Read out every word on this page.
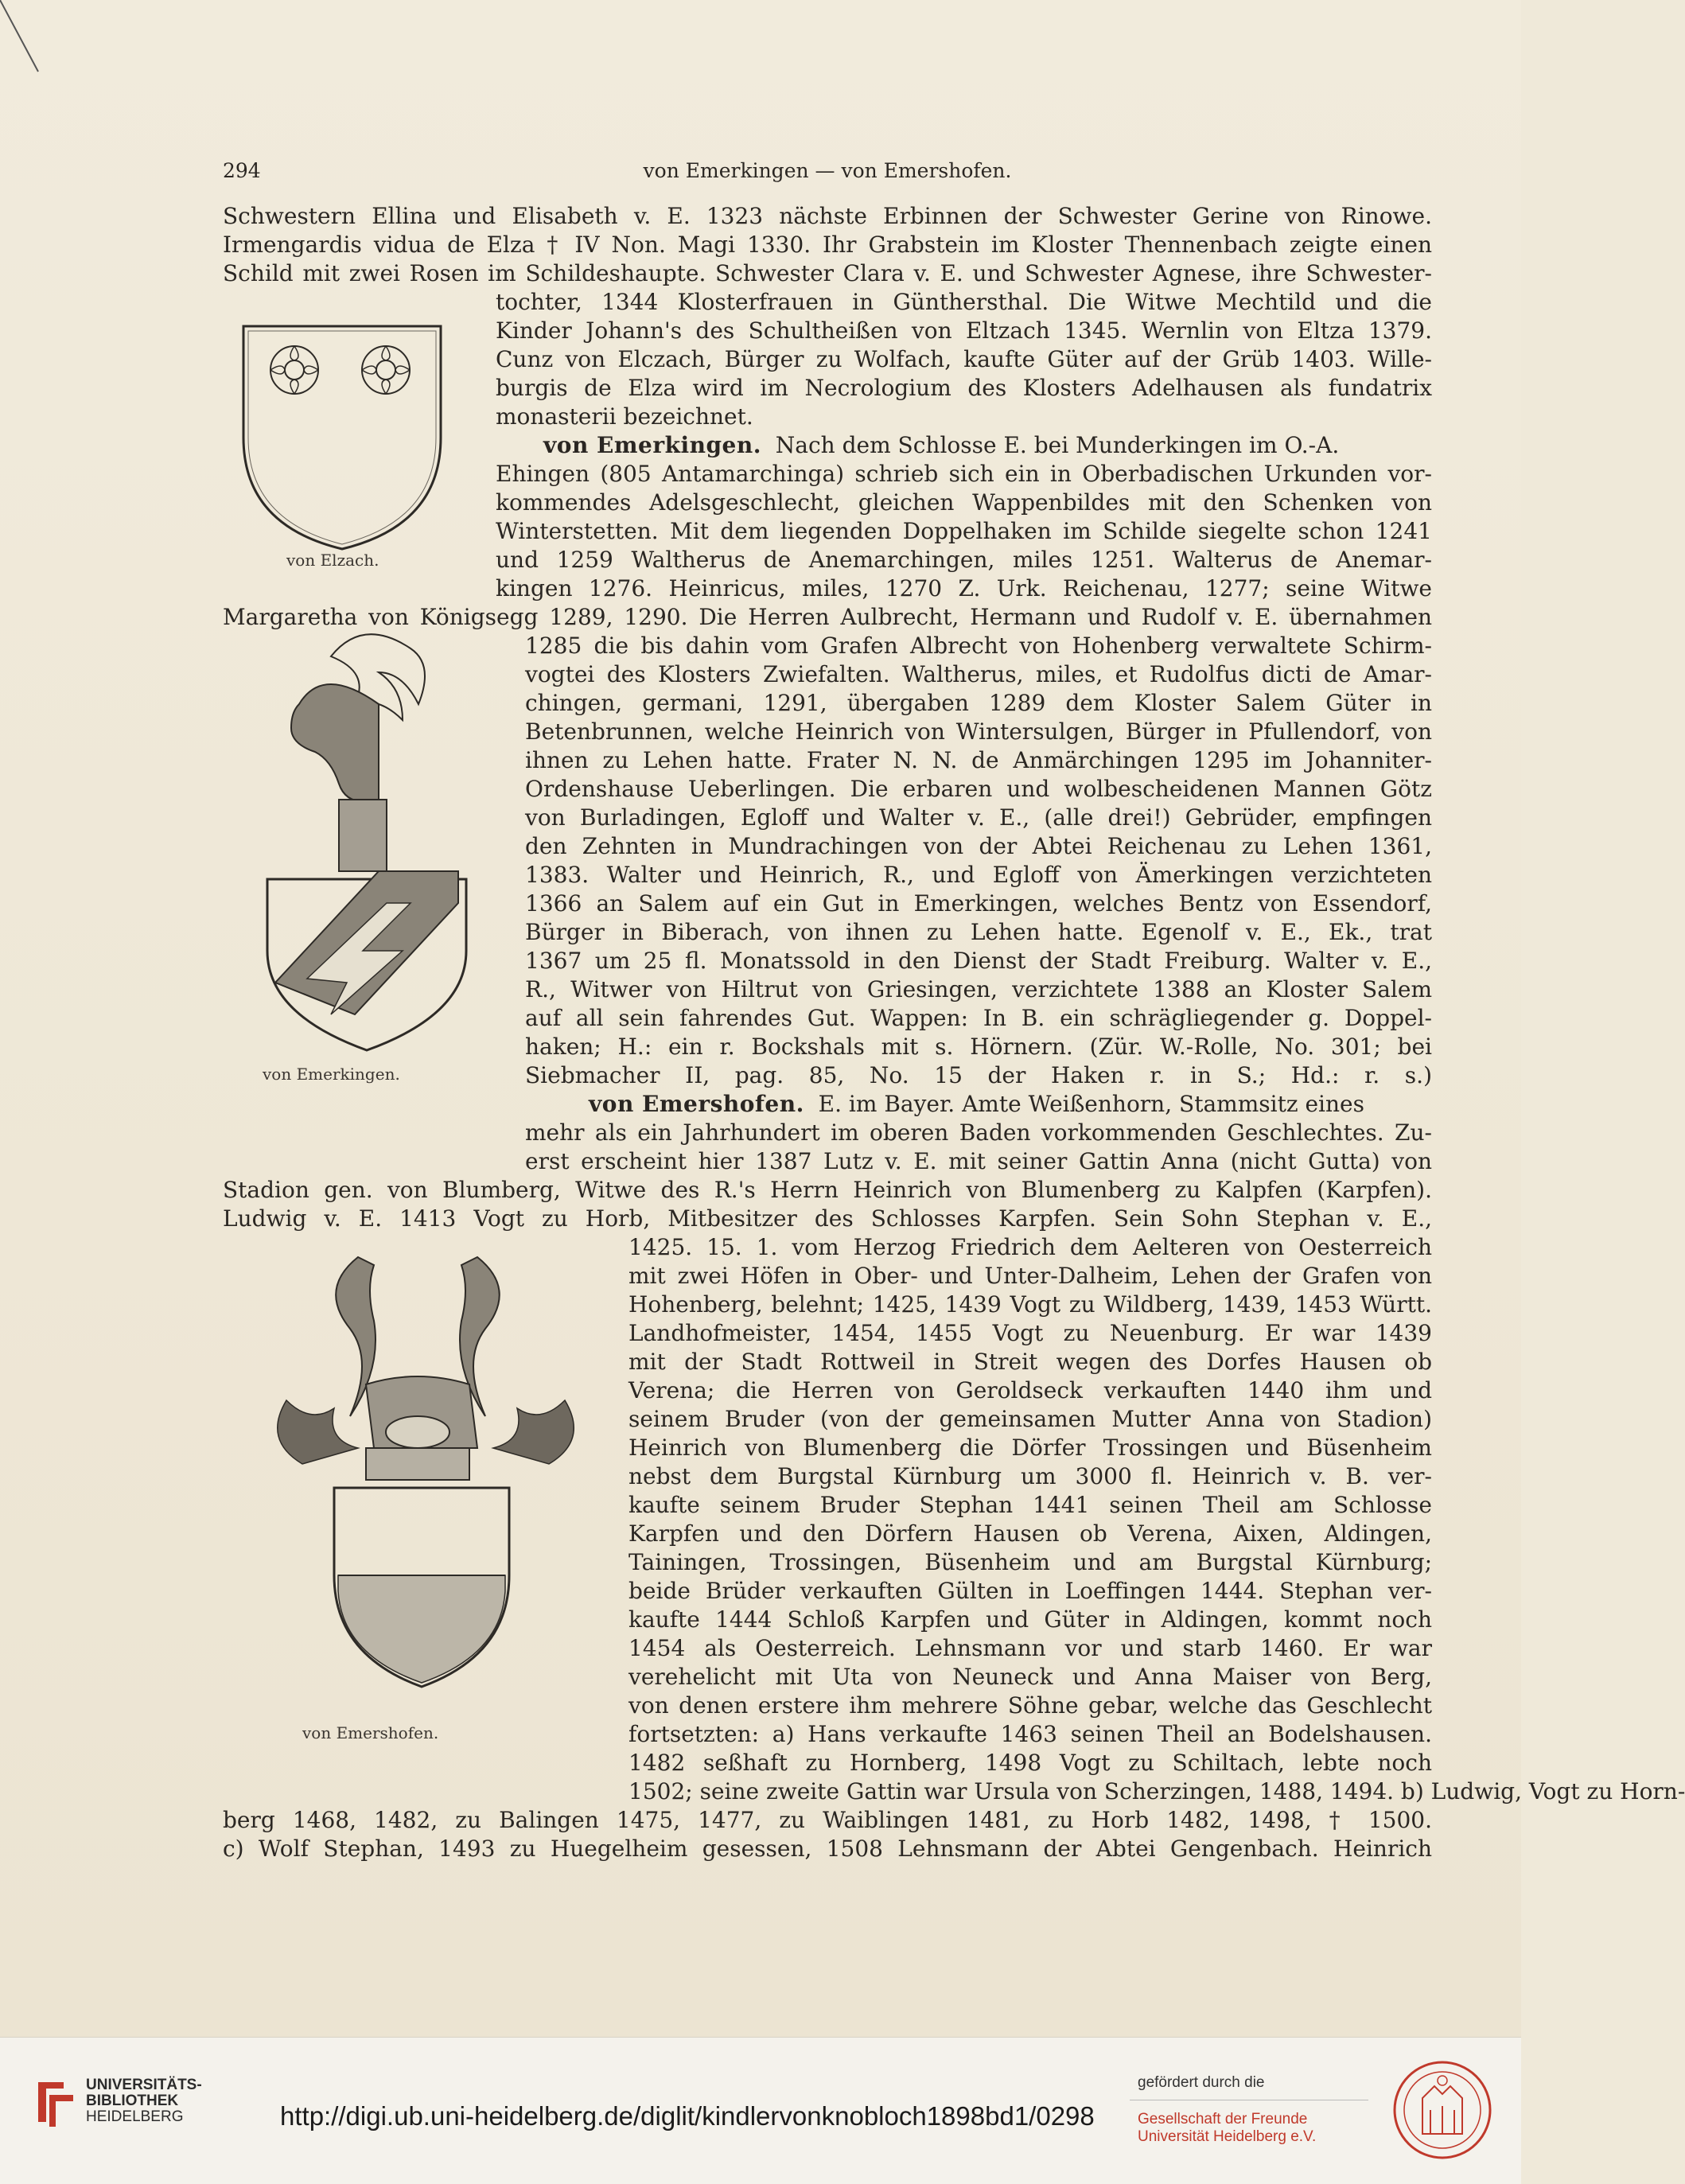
294	von Emerkingen — von Emershofen.
Schwestern Ellina und Elisabeth v. E. 1323 nächste Erbinnen der Schwester Gerine von Rinowe.
Irmengardis vidua de Elza † IV Non. Magi 1330. Ihr Grabstein im Kloster Thennenbach zeigte einen
Schild mit zwei Rosen im Schildeshaupte. Schwester Clara v. E. und Schwester Agnese, ihre Schwester-
tochter, 1344 Klosterfrauen in Günthersthal. Die Witwe Mechtild und die
Kinder Johann's des Schultheißen von Eltzach 1345. Wernlin von Eltza 1379.
Cunz von Elczach, Bürger zu Wolfach, kaufte Güter auf der Grüb 1403. Wille-
burgis de Elza wird im Necrologium des Klosters Adelhausen als fundatrix
monasterii bezeichnet.
von Emerkingen. Nach dem Schlosse E. bei Munderkingen im O.-A.
Ehingen (805 Antamarchinga) schrieb sich ein in Oberbadischen Urkunden vor-
kommendes Adelsgeschlecht, gleichen Wappenbildes mit den Schenken von
Winterstetten. Mit dem liegenden Doppelhaken im Schilde siegelte schon 1241
und 1259 Waltherus de Anemarchingen, miles 1251. Walterus de Anemar-
kingen 1276. Heinricus, miles, 1270 Z. Urk. Reichenau, 1277; seine Witwe
Margaretha von Königsegg 1289, 1290. Die Herren Aulbrecht, Hermann und Rudolf v. E. übernahmen
1285 die bis dahin vom Grafen Albrecht von Hohenberg verwaltete Schirm-
vogtei des Klosters Zwiefalten. Waltherus, miles, et Rudolfus dicti de Amar-
chingen, germani, 1291, übergaben 1289 dem Kloster Salem Güter in
Betenbrunnen, welche Heinrich von Wintersulgen, Bürger in Pfullendorf, von
ihnen zu Lehen hatte. Frater N. N. de Anmärchingen 1295 im Johanniter-
Ordenshause Ueberlingen. Die erbaren und wolbescheidenen Mannen Götz
von Burladingen, Egloff und Walter v. E., (alle drei!) Gebrüder, empfingen
den Zehnten in Mundrachingen von der Abtei Reichenau zu Lehen 1361,
1383. Walter und Heinrich, R., und Egloff von Ämerkingen verzichteten
1366 an Salem auf ein Gut in Emerkingen, welches Bentz von Essendorf,
Bürger in Biberach, von ihnen zu Lehen hatte. Egenolf v. E., Ek., trat
1367 um 25 fl. Monatssold in den Dienst der Stadt Freiburg. Walter v. E.,
R., Witwer von Hiltrut von Griesingen, verzichtete 1388 an Kloster Salem
auf all sein fahrendes Gut. Wappen: In B. ein schrägliegender g. Doppel-
haken; H.: ein r. Bockshals mit s. Hörnern. (Zür. W.-Rolle, No. 301; bei
Siebmacher II, pag. 85, No. 15 der Haken r. in S.; Hd.: r. s.)
von Emershofen. E. im Bayer. Amte Weißenhorn, Stammsitz eines
mehr als ein Jahrhundert im oberen Baden vorkommenden Geschlechtes. Zu-
erst erscheint hier 1387 Lutz v. E. mit seiner Gattin Anna (nicht Gutta) von
Stadion gen. von Blumberg, Witwe des R.'s Herrn Heinrich von Blumenberg zu Kalpfen (Karpfen).
Ludwig v. E. 1413 Vogt zu Horb, Mitbesitzer des Schlosses Karpfen. Sein Sohn Stephan v. E.,
1425. 15. 1. vom Herzog Friedrich dem Aelteren von Oesterreich
mit zwei Höfen in Ober- und Unter-Dalheim, Lehen der Grafen von
Hohenberg, belehnt; 1425, 1439 Vogt zu Wildberg, 1439, 1453 Württ.
Landhofmeister, 1454, 1455 Vogt zu Neuenburg. Er war 1439
mit der Stadt Rottweil in Streit wegen des Dorfes Hausen ob
Verena; die Herren von Geroldseck verkauften 1440 ihm und
seinem Bruder (von der gemeinsamen Mutter Anna von Stadion)
Heinrich von Blumenberg die Dörfer Trossingen und Büsenheim
nebst dem Burgstal Kürnburg um 3000 fl. Heinrich v. B. ver-
kaufte seinem Bruder Stephan 1441 seinen Theil am Schlosse
Karpfen und den Dörfern Hausen ob Verena, Aixen, Aldingen,
Tainingen, Trossingen, Büsenheim und am Burgstal Kürnburg;
beide Brüder verkauften Gülten in Loeffingen 1444. Stephan ver-
kaufte 1444 Schloß Karpfen und Güter in Aldingen, kommt noch
1454 als Oesterreich. Lehnsmann vor und starb 1460. Er war
verehelicht mit Uta von Neuneck und Anna Maiser von Berg,
von denen erstere ihm mehrere Söhne gebar, welche das Geschlecht
fortsetzten: a) Hans verkaufte 1463 seinen Theil an Bodelshausen.
1482 seßhaft zu Hornberg, 1498 Vogt zu Schiltach, lebte noch
1502; seine zweite Gattin war Ursula von Scherzingen, 1488, 1494. b) Ludwig, Vogt zu Horn-
berg 1468, 1482, zu Balingen 1475, 1477, zu Waiblingen 1481, zu Horb 1482, 1498, † 1500.
c) Wolf Stephan, 1493 zu Huegelheim gesessen, 1508 Lehnsmann der Abtei Gengenbach. Heinrich
von Elzach.
von Emerkingen.
von Emershofen.
UNIVERSITÄTS-
BIBLIOTHEK
HEIDELBERG	http://digi.ub.uni-heidelberg.de/diglit/kindlervonknobloch1898bd1/0298
gefördert durch die
Gesellschaft der Freunde
Universität Heidelberg e.V.
